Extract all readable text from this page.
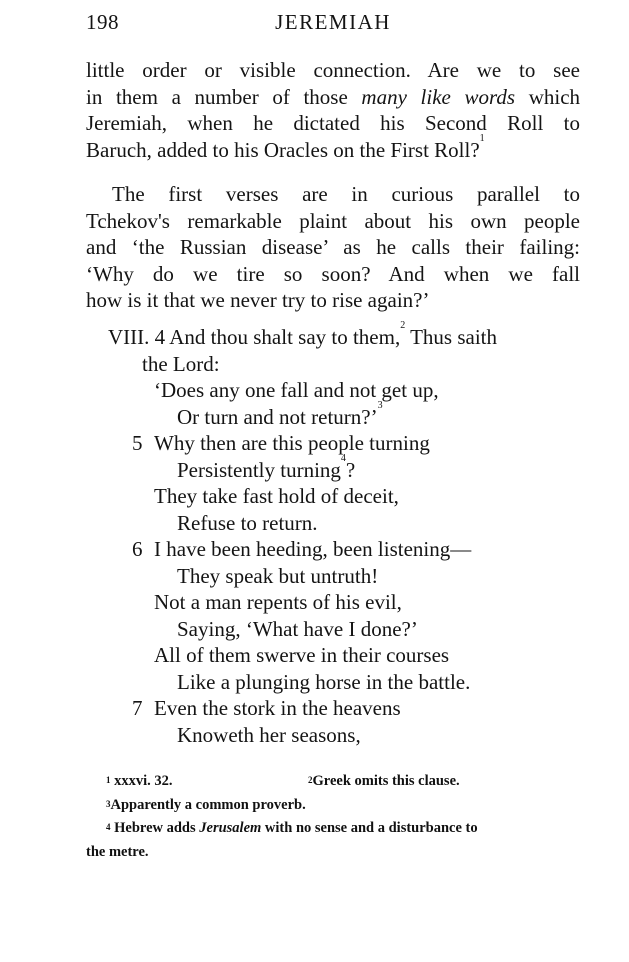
198	JEREMIAH
little order or visible connection. Are we to see
in them a number of those many like words which
Jeremiah, when he dictated his Second Roll to
Baruch, added to his Oracles on the First Roll?$^1$
The first verses are in curious parallel to
Tchekov's remarkable plaint about his own people
and ‘the Russian disease’ as he calls their failing:
‘Why do we tire so soon? And when we fall
how is it that we never try to rise again?’
VIII. 4 And thou shalt say to them,$^2$ Thus saith
the Lord:
‘Does any one fall and not get up,
Or turn and not return?’$^3$
5 Why then are this people turning
Persistently turning$^4$?
They take fast hold of deceit,
Refuse to return.
6 I have been heeding, been listening—
They speak but untruth!
Not a man repents of his evil,
Saying, ‘What have I done?’
All of them swerve in their courses
Like a plunging horse in the battle.
7 Even the stork in the heavens
Knoweth her seasons,
$^1$ xxxvi. 32.	$^2$Greek omits this clause.
$^3$Apparently a common proverb.
$^4$ Hebrew adds Jerusalem with no sense and a disturbance to
the metre.
